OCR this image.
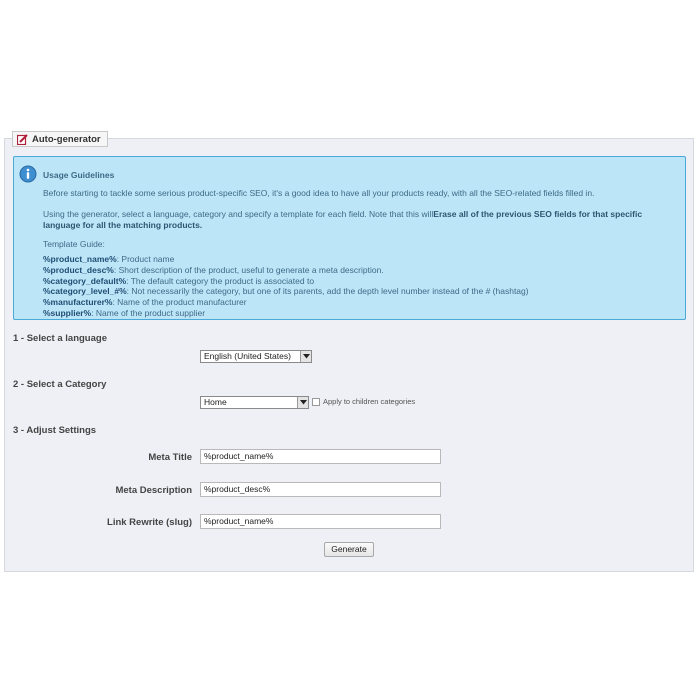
Auto-generator
Usage Guidelines

Before starting to tackle some serious product-specific SEO, it's a good idea to have all your products ready, with all the SEO-related fields filled in.

Using the generator, select a language, category and specify a template for each field. Note that this willErase all of the previous SEO fields for that specific language for all the matching products.

Template Guide:

%product_name%: Product name
%product_desc%: Short description of the product, useful to generate a meta description.
%category_default%: The default category the product is associated to
%category_level_#%: Not necessarily the category, but one of its parents, add the depth level number instead of the # (hashtag)
%manufacturer%: Name of the product manufacturer
%supplier%: Name of the product supplier
1 - Select a language
English (United States)
2 - Select a Category
Home	Apply to children categories
3 - Adjust Settings
Meta Title	%product_name%
Meta Description	%product_desc%
Link Rewrite (slug)	%product_name%
Generate
